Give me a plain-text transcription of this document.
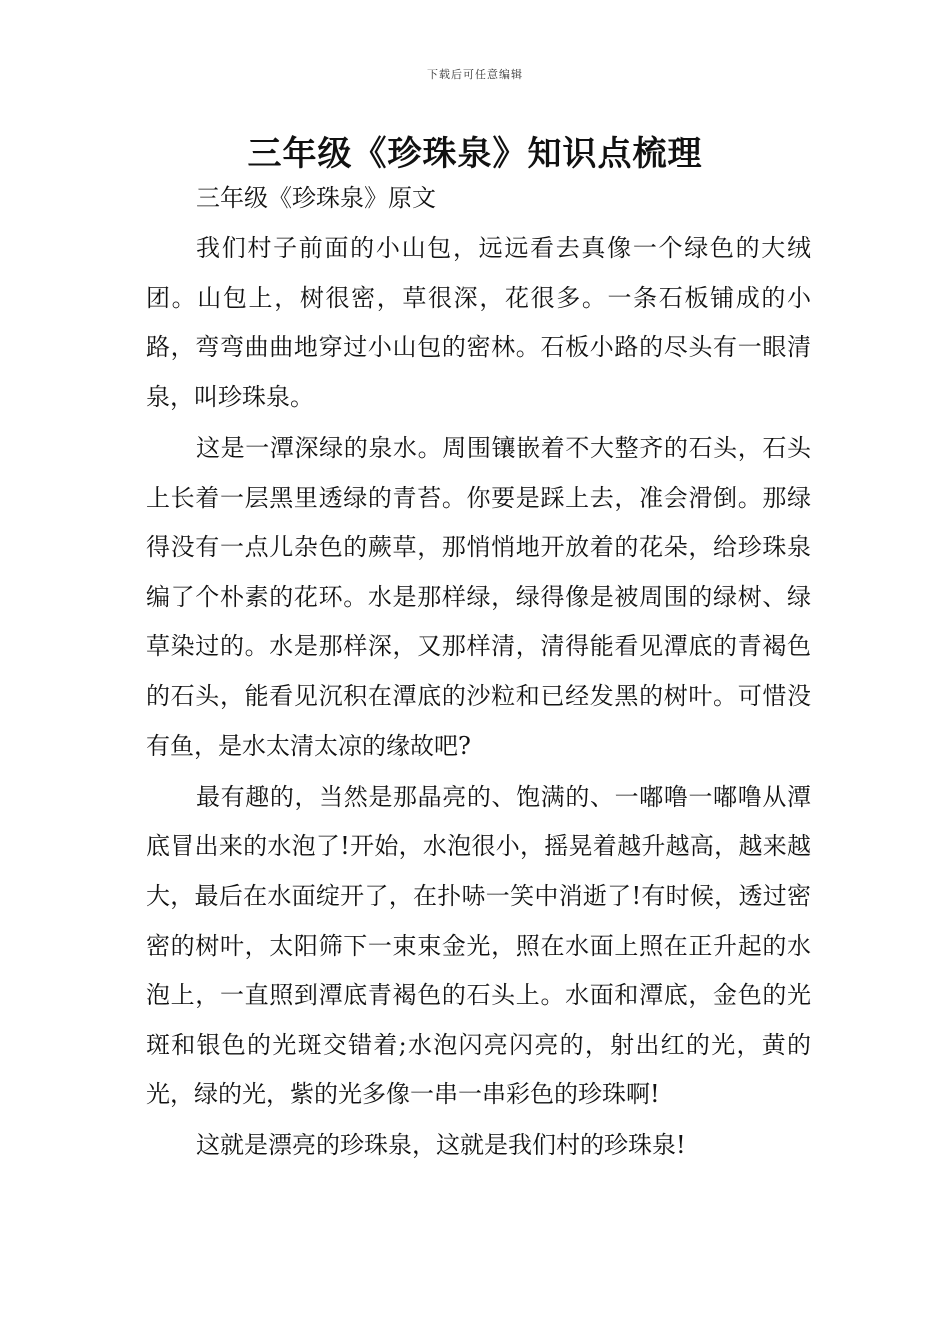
下载后可任意编辑
三年级《珍珠泉》知识点梳理

三年级《珍珠泉》原文

我们村子前面的小山包，远远看去真像一个绿色的大绒团。山包上，树很密，草很深，花很多。一条石板铺成的小路，弯弯曲曲地穿过小山包的密林。石板小路的尽头有一眼清泉，叫珍珠泉。

这是一潭深绿的泉水。周围镶嵌着不大整齐的石头，石头上长着一层黑里透绿的青苔。你要是踩上去，准会滑倒。那绿得没有一点儿杂色的蕨草，那悄悄地开放着的花朵，给珍珠泉编了个朴素的花环。水是那样绿，绿得像是被周围的绿树、绿草染过的。水是那样深，又那样清，清得能看见潭底的青褐色的石头，能看见沉积在潭底的沙粒和已经发黑的树叶。可惜没有鱼，是水太清太凉的缘故吧?

最有趣的，当然是那晶亮的、饱满的、一嘟噜一嘟噜从潭底冒出来的水泡了!开始，水泡很小，摇晃着越升越高，越来越大，最后在水面绽开了，在扑哧一笑中消逝了!有时候，透过密密的树叶，太阳筛下一束束金光，照在水面上照在正升起的水泡上，一直照到潭底青褐色的石头上。水面和潭底，金色的光斑和银色的光斑交错着;水泡闪亮闪亮的，射出红的光，黄的光，绿的光，紫的光多像一串一串彩色的珍珠啊!

这就是漂亮的珍珠泉，这就是我们村的珍珠泉!
